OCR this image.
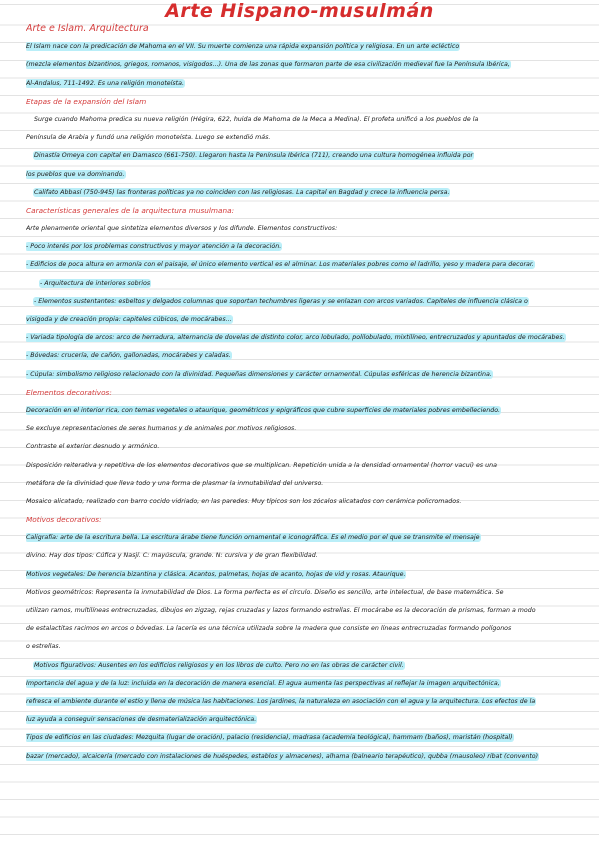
Arte Hispano-musulmán
Arte e Islam. Arquitectura
El Islam nace con la predicación de Mahoma en el VII. Su muerte comienza una rápida expansión política y religiosa. En un arte ecléctico
(mezcla elementos bizantinos, griegos, romanos, visigodos...). Una de las zonas que formaron parte de esa civilización medieval fue la Península Ibérica,
Al-Andalus, 711-1492. Es una religión monoteísta.
Etapas de la expansión del Islam
Surge cuando Mahoma predica su nueva religión (Hégira, 622, huida de Mahoma de la Meca a Medina). El profeta unificó a los pueblos de la
Península de Arabia y fundó una religión monoteísta. Luego se extendió más.
Dinastía Omeya con capital en Damasco (661-750). Llegaron hasta la Península Ibérica (711), creando una cultura homogénea influida por
los pueblos que va dominando.
Califato Abbasí (750-945) las fronteras políticas ya no coinciden con las religiosas. La capital en Bagdad y crece la influencia persa.
Características generales de la arquitectura musulmana:
Arte plenamente oriental que sintetiza elementos diversos y los difunde. Elementos constructivos:
- Poco interés por los problemas constructivos y mayor atención a la decoración.
- Edificios de poca altura en armonía con el paisaje, el único elemento vertical es el alminar. Los materiales pobres como el ladrillo, yeso y madera para decorar.
- Arquitectura de interiores sobrios
- Elementos sustentantes: esbeltos y delgados columnas que soportan techumbres ligeras y se enlazan con arcos variados. Capiteles de influencia clásica o
visigoda y de creación propia: capiteles cúbicos, de mocárabes...
- Variada tipología de arcos: arco de herradura, alternancia de dovelas de distinto color, arco lobulado, polilobulado, mixtilíneo, entrecruzados y apuntados de mocárabes.
- Bóvedas: crucería, de cañón, gallonadas, mocárabes y caladas.
- Cúpula: simbolismo religioso relacionado con la divinidad. Pequeñas dimensiones y carácter ornamental. Cúpulas esféricas de herencia bizantina.
Elementos decorativos:
Decoración en el interior rica, con temas vegetales o ataurique, geométricos y epigráficos que cubre superficies de materiales pobres embelleciendo.
Se excluye representaciones de seres humanos y de animales por motivos religiosos.
Contraste el exterior desnudo y armónico.
Disposición reiterativa y repetitiva de los elementos decorativos que se multiplican. Repetición unida a la densidad ornamental (horror vacui) es una
metáfora de la divinidad que lleva todo y una forma de plasmar la inmutabilidad del universo.
Mosaico alicatado, realizado con barro cocido vidriado, en las paredes. Muy típicos son los zócalos alicatados con cerámica policromados.
Motivos decorativos:
Caligrafía: arte de la escritura bella. La escritura árabe tiene función ornamental e iconográfica. Es el medio por el que se transmite el mensaje
divino. Hay dos tipos: Cúfica y Nasjí. C: mayúscula, grande. N: cursiva y de gran flexibilidad.
Motivos vegetales: De herencia bizantina y clásica. Acantos, palmetas, hojas de acanto, hojas de vid y rosas. Ataurique.
Motivos geométricos: Representa la inmutabilidad de Dios. La forma perfecta es el círculo. Diseño es sencillo, arte intelectual, de base matemática. Se
utilizan ramos, multilíneas entrecruzadas, dibujos en zigzag, rejas cruzadas y lazos formando estrellas. El mocárabe es la decoración de prismas, forman a modo
de estalactitas racimos en arcos o bóvedas. La lacería es una técnica utilizada sobre la madera que consiste en líneas entrecruzadas formando polígonos
o estrellas.
Motivos figurativos: Ausentes en los edificios religiosos y en los libros de culto. Pero no en las obras de carácter civil.
Importancia del agua y de la luz: incluida en la decoración de manera esencial. El agua aumenta las perspectivas al reflejar la imagen arquitectónica,
refresca el ambiente durante el estío y llena de música las habitaciones. Los jardines, la naturaleza en asociación con el agua y la arquitectura. Los efectos de la
luz ayuda a conseguir sensaciones de desmaterialización arquitectónica.
Tipos de edificios en las ciudades: Mezquita (lugar de oración), palacio (residencia), madrasa (academia teológica), hammam (baños), maristán (hospital)
bazar (mercado), alcaicería (mercado con instalaciones de huéspedes, establos y almacenes), alhama (balneario terapéutico), qubba (mausoleo) ribat (convento)
